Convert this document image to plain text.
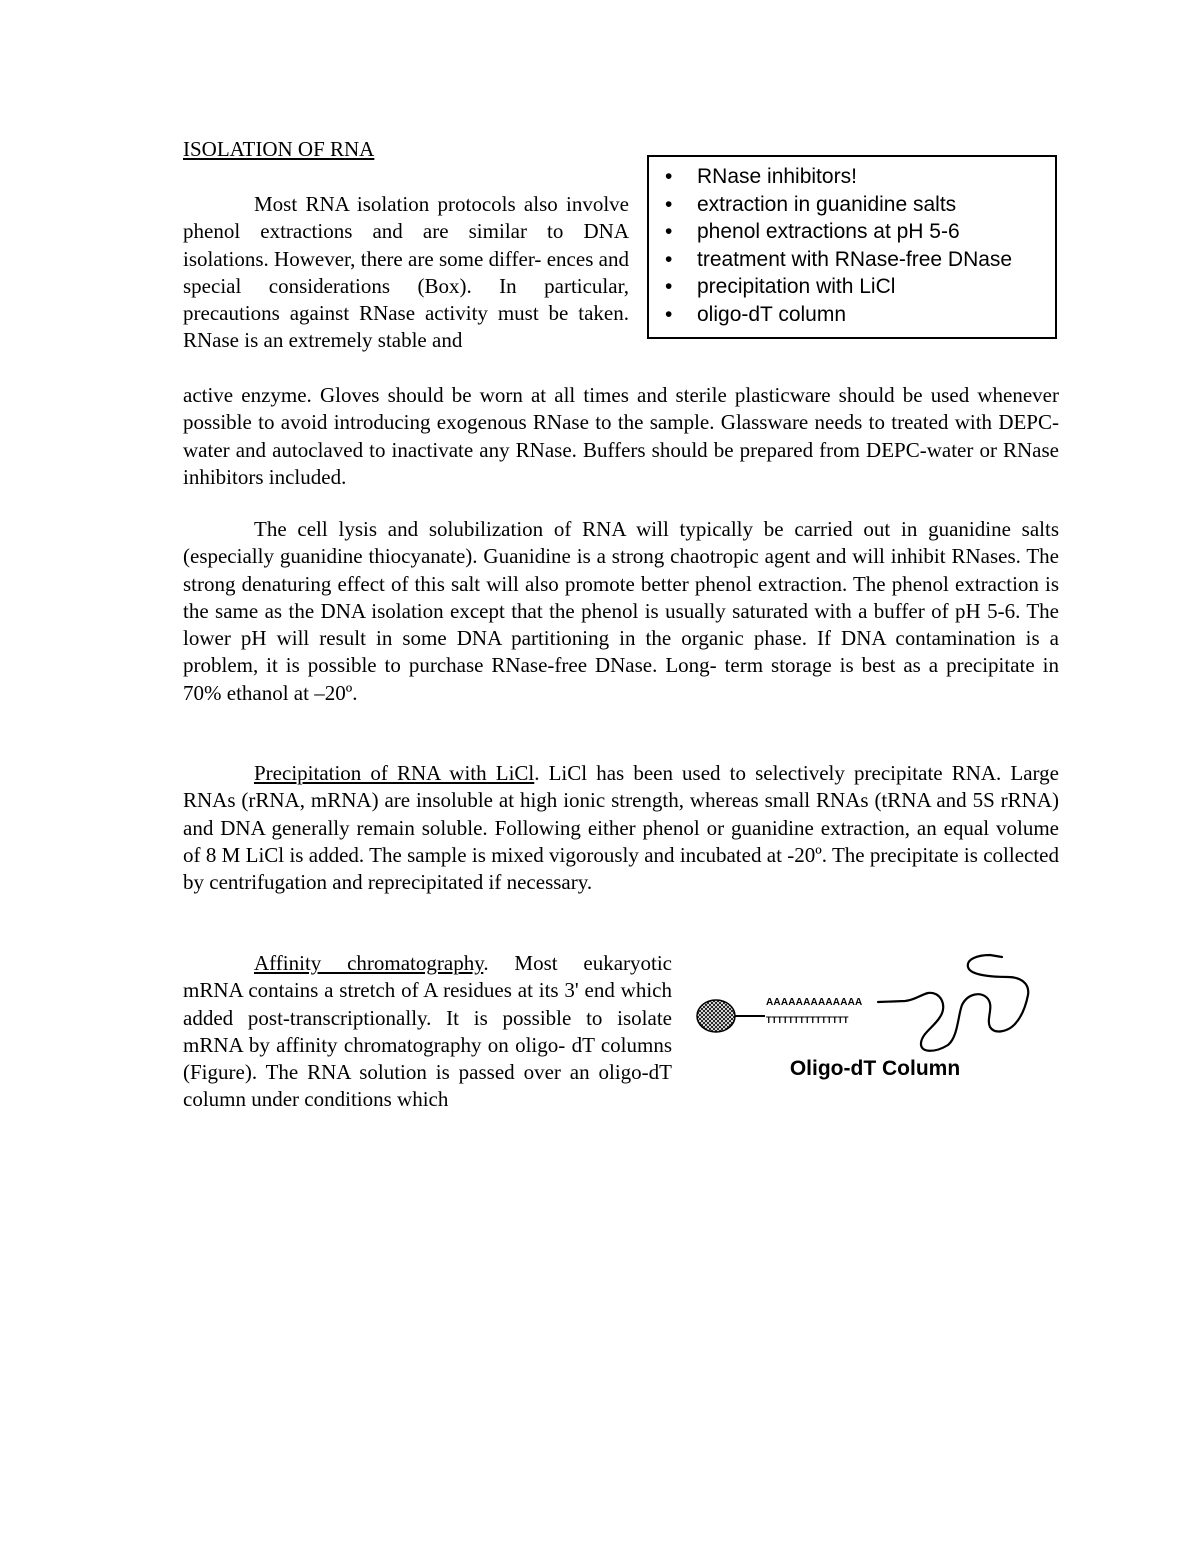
ISOLATION OF RNA
• RNase inhibitors!
• extraction in guanidine salts
• phenol extractions at pH 5-6
• treatment with RNase-free DNase
• precipitation with LiCl
• oligo-dT column
Most RNA isolation protocols also involve phenol extractions and are similar to DNA isolations. However, there are some differ- ences and special considerations (Box). In particular, precautions against RNase activity must be taken. RNase is an extremely stable and
active enzyme. Gloves should be worn at all times and sterile plasticware should be used whenever possible to avoid introducing exogenous RNase to the sample. Glassware needs to treated with DEPC-water and autoclaved to inactivate any RNase. Buffers should be prepared from DEPC-water or RNase inhibitors included.
The cell lysis and solubilization of RNA will typically be carried out in guanidine salts (especially guanidine thiocyanate). Guanidine is a strong chaotropic agent and will inhibit RNases. The strong denaturing effect of this salt will also promote better phenol extraction. The phenol extraction is the same as the DNA isolation except that the phenol is usually saturated with a buffer of pH 5-6. The lower pH will result in some DNA partitioning in the organic phase. If DNA contamination is a problem, it is possible to purchase RNase-free DNase. Long- term storage is best as a precipitate in 70% ethanol at –20º.
Precipitation of RNA with LiCl. LiCl has been used to selectively precipitate RNA. Large RNAs (rRNA, mRNA) are insoluble at high ionic strength, whereas small RNAs (tRNA and 5S rRNA) and DNA generally remain soluble. Following either phenol or guanidine extraction, an equal volume of 8 M LiCl is added. The sample is mixed vigorously and incubated at -20º. The precipitate is collected by centrifugation and reprecipitated if necessary.
Affinity chromatography. Most eukaryotic mRNA contains a stretch of A residues at its 3' end which added post-transcriptionally. It is possible to isolate mRNA by affinity chromatography on oligo- dT columns (Figure). The RNA solution is passed over an oligo-dT column under conditions which
AAAAAAAAAAAAA
TTTTTTTTTTTTTTT
Oligo-dT Column
